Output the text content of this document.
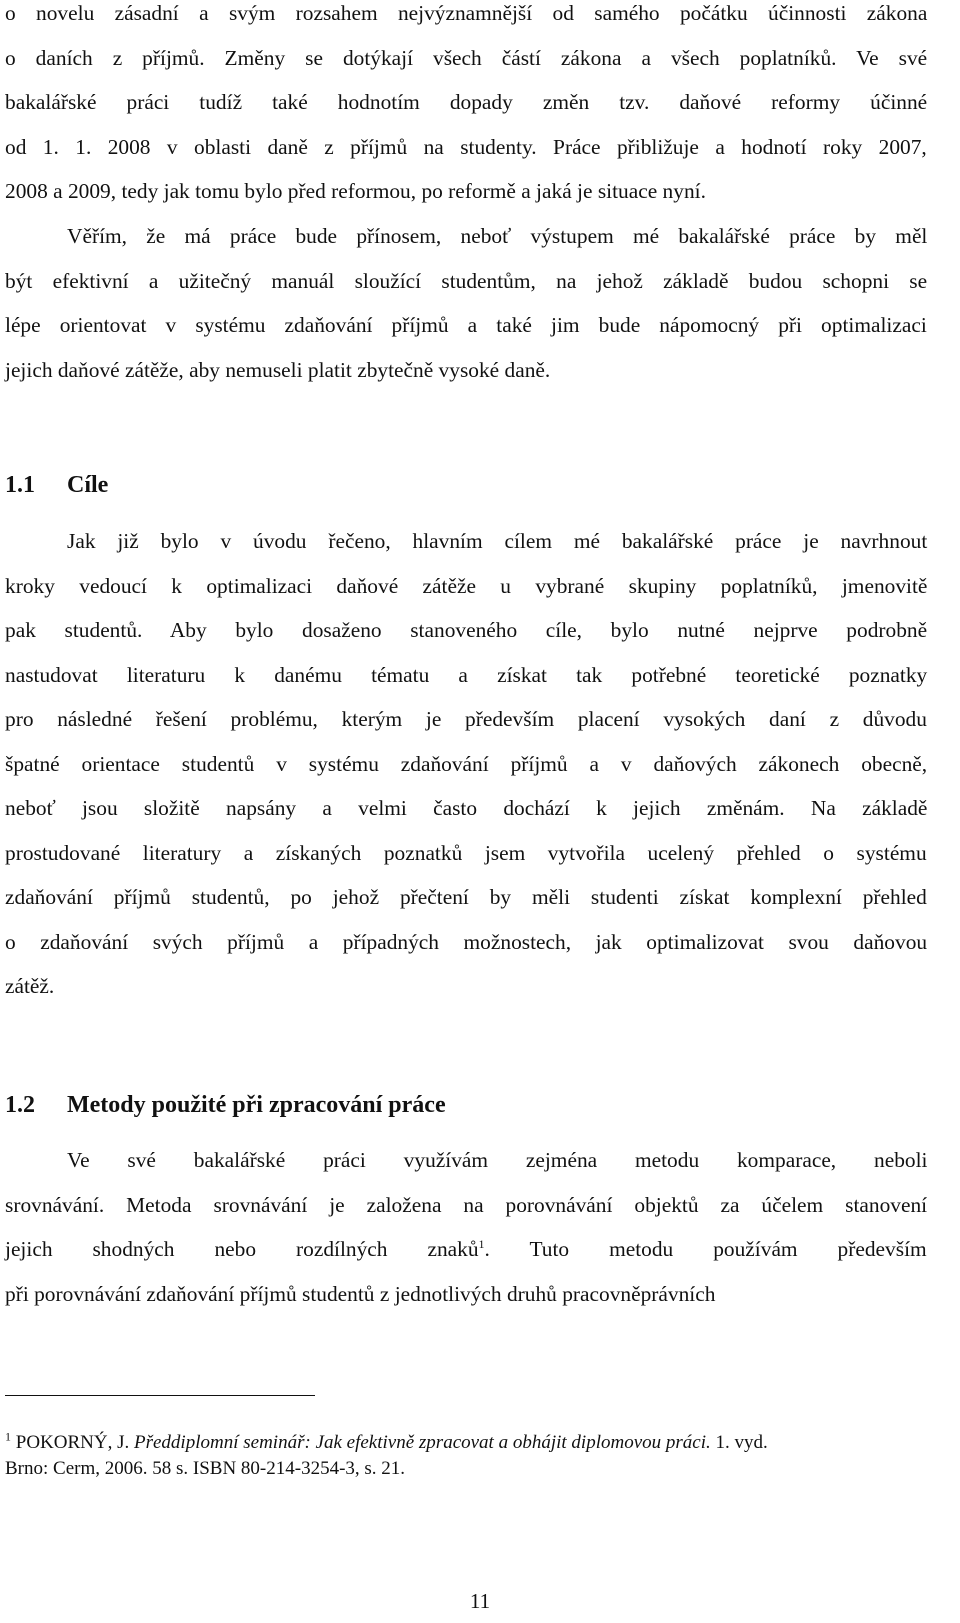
o novelu zásadní a svým rozsahem nejvýznamnější od samého počátku účinnosti zákona
o daních z příjmů. Změny se dotýkají všech částí zákona a všech poplatníků. Ve své
bakalářské práci tudíž také hodnotím dopady změn tzv. daňové reformy účinné
od 1. 1. 2008 v oblasti daně z příjmů na studenty. Práce přibližuje a hodnotí roky 2007,
2008 a 2009, tedy jak tomu bylo před reformou, po reformě a jaká je situace nyní.
Věřím, že má práce bude přínosem, neboť výstupem mé bakalářské práce by měl
být efektivní a užitečný manuál sloužící studentům, na jehož základě budou schopni se
lépe orientovat v systému zdaňování příjmů a také jim bude nápomocný při optimalizaci
jejich daňové zátěže, aby nemuseli platit zbytečně vysoké daně.
1.1 Cíle
Jak již bylo v úvodu řečeno, hlavním cílem mé bakalářské práce je navrhnout
kroky vedoucí k optimalizaci daňové zátěže u vybrané skupiny poplatníků, jmenovitě
pak studentů. Aby bylo dosaženo stanoveného cíle, bylo nutné nejprve podrobně
nastudovat literaturu k danému tématu a získat tak potřebné teoretické poznatky
pro následné řešení problému, kterým je především placení vysokých daní z důvodu
špatné orientace studentů v systému zdaňování příjmů a v daňových zákonech obecně,
neboť jsou složitě napsány a velmi často dochází k jejich změnám. Na základě
prostudované literatury a získaných poznatků jsem vytvořila ucelený přehled o systému
zdaňování příjmů studentů, po jehož přečtení by měli studenti získat komplexní přehled
o zdaňování svých příjmů a případných možnostech, jak optimalizovat svou daňovou
zátěž.
1.2 Metody použité při zpracování práce
Ve své bakalářské práci využívám zejména metodu komparace, neboli
srovnávání. Metoda srovnávání je založena na porovnávání objektů za účelem stanovení
jejich shodných nebo rozdílných znaků$^1$. Tuto metodu používám především
při porovnávání zdaňování příjmů studentů z jednotlivých druhů pracovněprávních

$^1$ POKORNÝ, J. Předdiplomní seminář: Jak efektivně zpracovat a obhájit diplomovou práci. 1. vyd.
Brno: Cerm, 2006. 58 s. ISBN 80-214-3254-3, s. 21.

11
